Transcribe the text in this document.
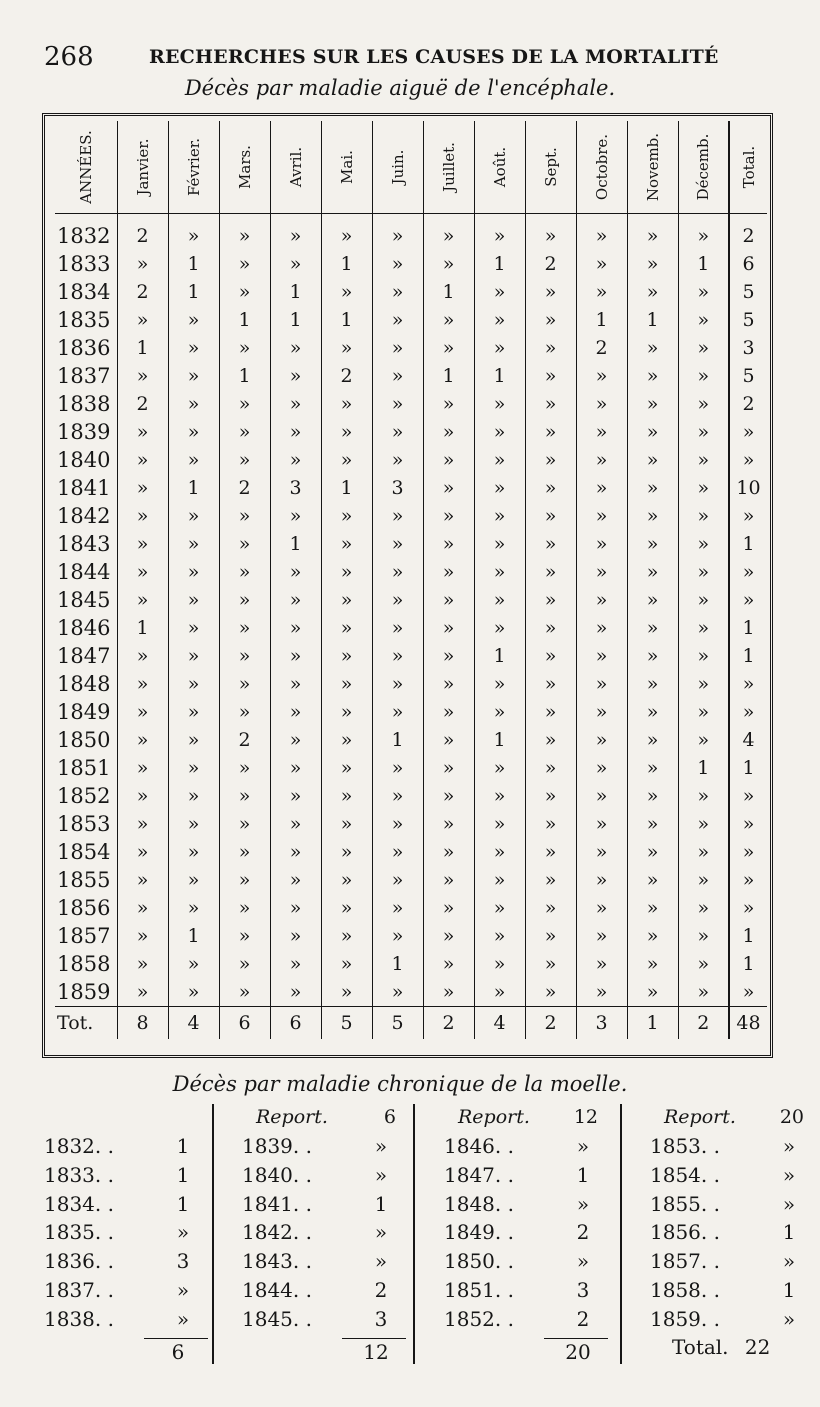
268	RECHERCHES SUR LES CAUSES DE LA MORTALITÉ
Décès par maladie aiguë de l'encéphale.
ANNÉES.	Janvier.	Février.	Mars.	Avril.	Mai.	Juin.	Juillet.	Août.	Sept.	Octobre.	Novemb.	Décemb.	Total.

1832	2	»	»	»	»	»	»	»	»	»	»	»	2
1833	»	1	»	»	1	»	»	1	2	»	»	1	6
1834	2	1	»	1	»	»	1	»	»	»	»	»	5
1835	»	»	1	1	1	»	»	»	»	1	1	»	5
1836	1	»	»	»	»	»	»	»	»	2	»	»	3
1837	»	»	1	»	2	»	1	1	»	»	»	»	5
1838	2	»	»	»	»	»	»	»	»	»	»	»	2
1839	»	»	»	»	»	»	»	»	»	»	»	»	»
1840	»	»	»	»	»	»	»	»	»	»	»	»	»
1841	»	1	2	3	1	3	»	»	»	»	»	»	10
1842	»	»	»	»	»	»	»	»	»	»	»	»	»
1843	»	»	»	1	»	»	»	»	»	»	»	»	1
1844	»	»	»	»	»	»	»	»	»	»	»	»	»
1845	»	»	»	»	»	»	»	»	»	»	»	»	»
1846	1	»	»	»	»	»	»	»	»	»	»	»	1
1847	»	»	»	»	»	»	»	1	»	»	»	»	1
1848	»	»	»	»	»	»	»	»	»	»	»	»	»
1849	»	»	»	»	»	»	»	»	»	»	»	»	»
1850	»	»	2	»	»	1	»	1	»	»	»	»	4
1851	»	»	»	»	»	»	»	»	»	»	»	1	1
1852	»	»	»	»	»	»	»	»	»	»	»	»	»
1853	»	»	»	»	»	»	»	»	»	»	»	»	»
1854	»	»	»	»	»	»	»	»	»	»	»	»	»
1855	»	»	»	»	»	»	»	»	»	»	»	»	»
1856	»	»	»	»	»	»	»	»	»	»	»	»	»
1857	»	1	»	»	»	»	»	»	»	»	»	»	1
1858	»	»	»	»	»	1	»	»	»	»	»	»	1
1859	»	»	»	»	»	»	»	»	»	»	»	»	»
Tot.	8	4	6	6	5	5	2	4	2	3	1	2	48
Décès par maladie chronique de la moelle.
1832. .	1
1833. .	1
1834. .	1
1835. .	»
1836. .	3
1837. .	»
1838. .	»
6
Report.	6
1839. .	»
1840. .	»
1841. .	1
1842. .	»
1843. .	»
1844. .	2
1845. .	3
12
Report. 12
1846. .	»
1847. .	1
1848. .	»
1849. .	2
1850. .	»
1851. .	3
1852. .	2
20
Report. 20
1853. .	»
1854. .	»
1855. .	»
1856. .	1
1857. .	»
1858. .	1
1859. .	»
Total. 22
